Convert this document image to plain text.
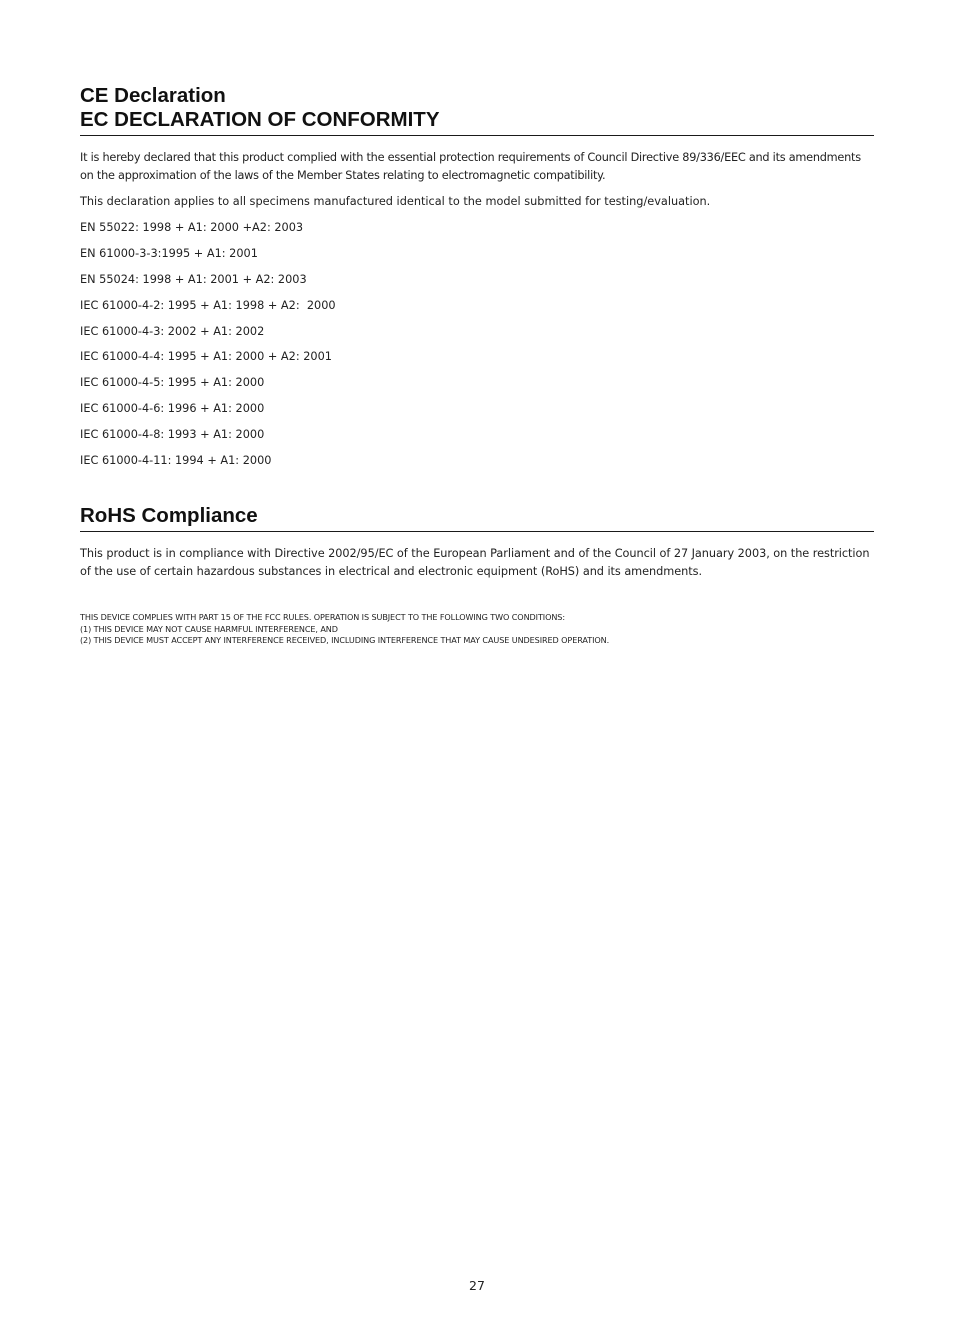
CE Declaration
EC DECLARATION OF CONFORMITY

It is hereby declared that this product complied with the essential protection requirements of Council Directive 89/336/EEC and its amendments on the approximation of the laws of the Member States relating to electromagnetic compatibility.

This declaration applies to all specimens manufactured identical to the model submitted for testing/evaluation.

EN 55022: 1998 + A1: 2000 +A2: 2003
EN 61000-3-3:1995 + A1: 2001
EN 55024: 1998 + A1: 2001 + A2: 2003
IEC 61000-4-2: 1995 + A1: 1998 + A2:  2000
IEC 61000-4-3: 2002 + A1: 2002
IEC 61000-4-4: 1995 + A1: 2000 + A2: 2001
IEC 61000-4-5: 1995 + A1: 2000
IEC 61000-4-6: 1996 + A1: 2000
IEC 61000-4-8: 1993 + A1: 2000
IEC 61000-4-11: 1994 + A1: 2000
RoHS Compliance

This product is in compliance with Directive 2002/95/EC of the European Parliament and of the Council of 27 January 2003, on the restriction of the use of certain hazardous substances in electrical and electronic equipment (RoHS) and its amendments.

THIS DEVICE COMPLIES WITH PART 15 OF THE FCC RULES. OPERATION IS SUBJECT TO THE FOLLOWING TWO CONDITIONS:
(1) THIS DEVICE MAY NOT CAUSE HARMFUL INTERFERENCE, AND
(2) THIS DEVICE MUST ACCEPT ANY INTERFERENCE RECEIVED, INCLUDING INTERFERENCE THAT MAY CAUSE UNDESIRED OPERATION.
27
